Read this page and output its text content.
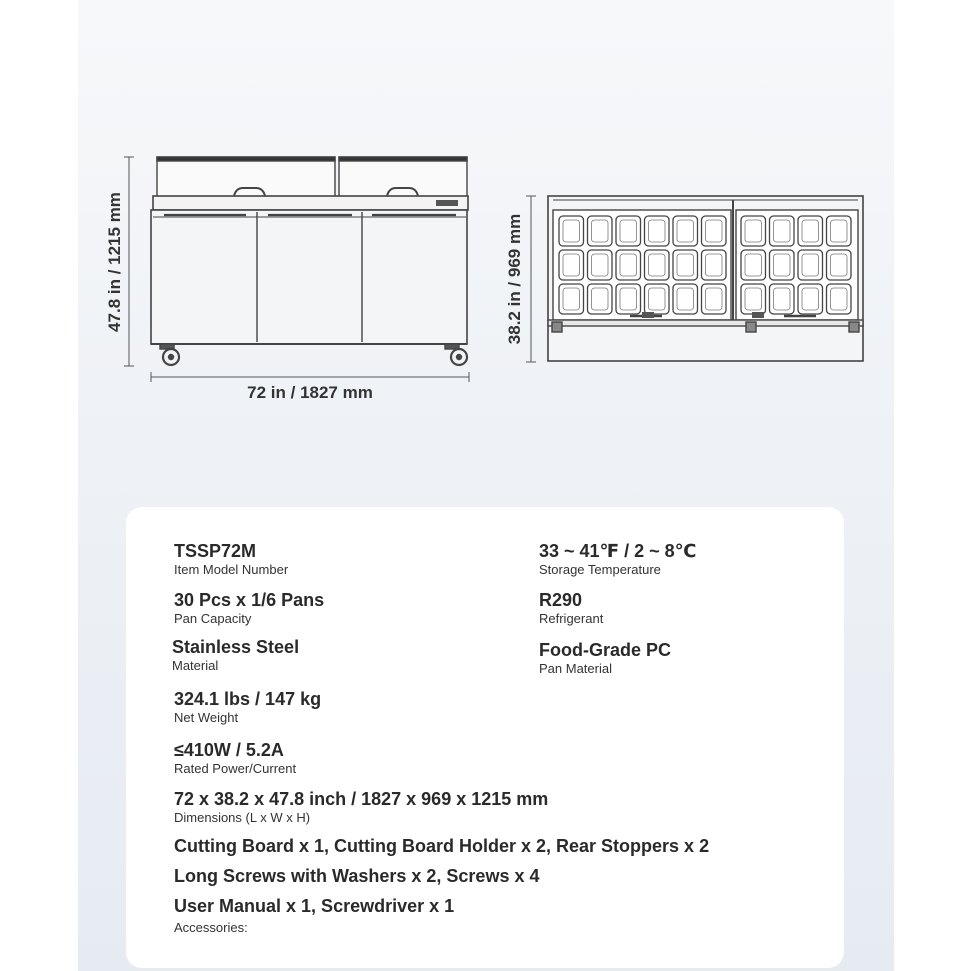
47.8 in / 1215 mm
72 in / 1827 mm
38.2 in / 969 mm
TSSP72M
Item Model Number
30 Pcs x 1/6 Pans
Pan Capacity
Stainless Steel
Material
324.1 lbs / 147 kg
Net Weight
≤410W / 5.2A
Rated Power/Current
72 x 38.2 x 47.8 inch / 1827 x 969 x 1215 mm
Dimensions (L x W x H)
33 ~ 41℉ / 2 ~ 8℃
Storage Temperature
R290
Refrigerant
Food-Grade PC
Pan Material
Cutting Board x 1, Cutting Board Holder x 2, Rear Stoppers x 2
Long Screws with Washers x 2, Screws x 4
User Manual x 1, Screwdriver x 1
Accessories:
